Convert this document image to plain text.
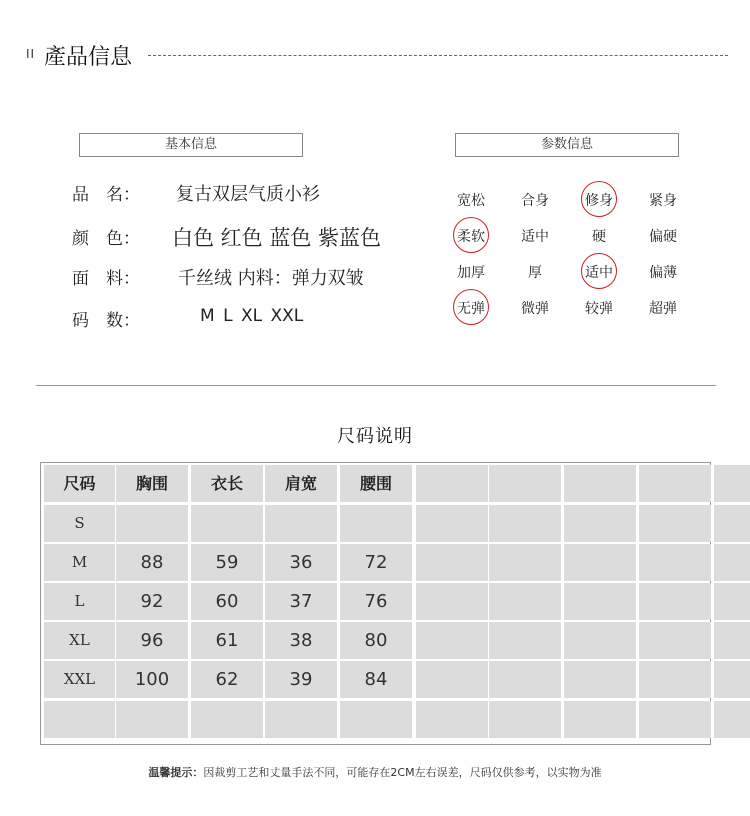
II 產品信息
基本信息	参数信息
品　名：	复古双层气质小衫
颜　色：	白色 红色 蓝色 紫蓝色
面　料：	千丝绒 内料：弹力双皱
码　数：	M L XL XXL
宽松	合身	修身	紧身
柔软	适中	硬	偏硬
加厚	厚	适中	偏薄
无弹	微弹	较弹	超弹
尺码说明
尺码	胸围	衣长	肩宽	腰围
S
M	88	59	36	72
L	92	60	37	76
XL	96	61	38	80
XXL	100	62	39	84
温馨提示：因裁剪工艺和丈量手法不同，可能存在2CM左右误差，尺码仅供参考，以实物为准
